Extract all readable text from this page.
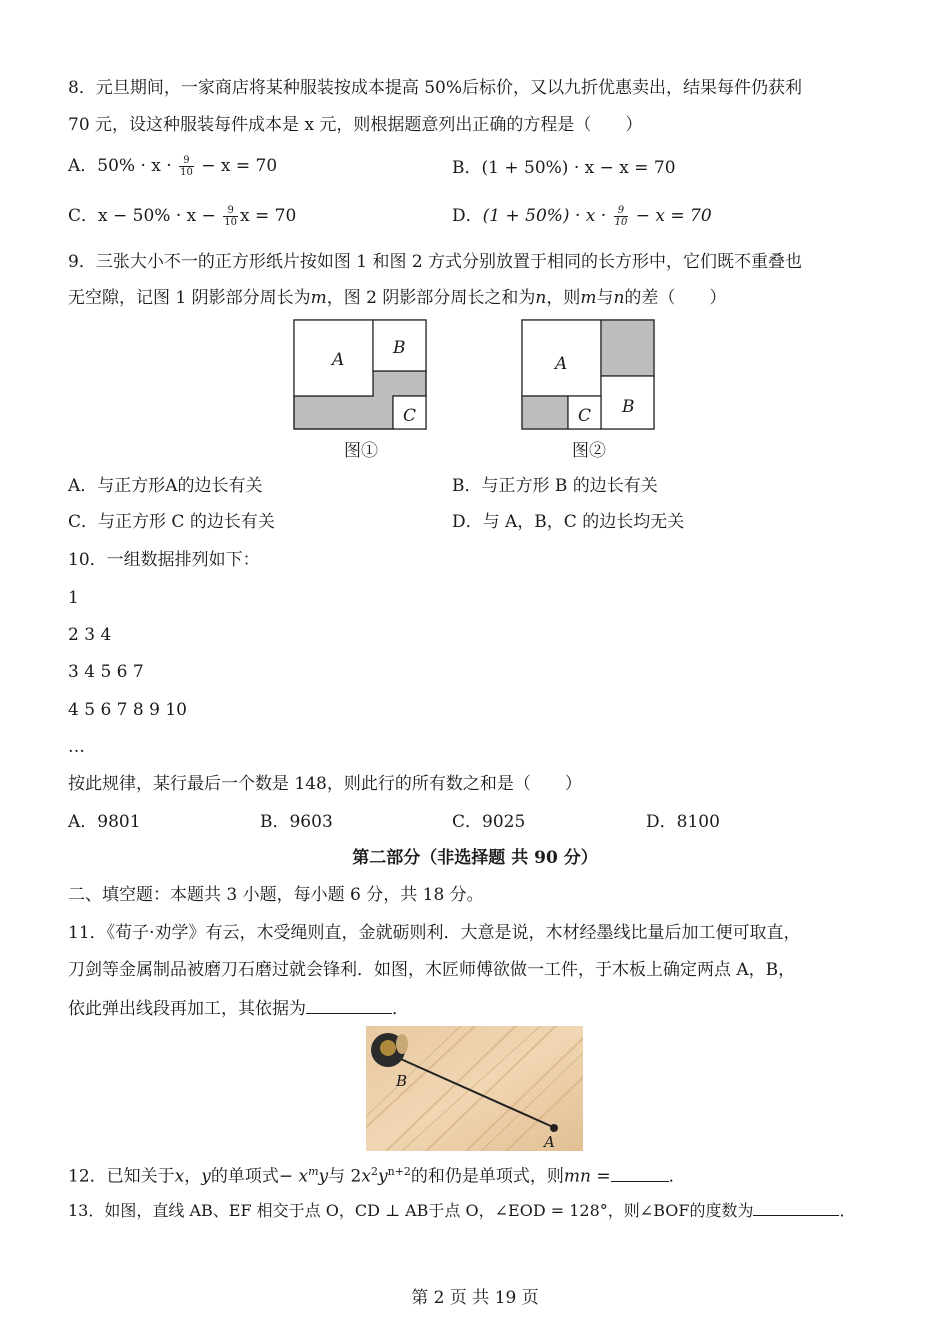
8．元旦期间，一家商店将某种服装按成本提高 50%后标价，又以九折优惠卖出，结果每件仍获利
70 元，设这种服装每件成本是 x 元，则根据题意列出正确的方程是（　　）
A．$50\% \cdot x \cdot \frac{9}{10} - x = 70$	B．(1 + 50%) · x − x = 70
C．$x - 50\% \cdot x - \frac{9}{10}$ x = 70	D．$(1 + 50\%) \cdot x \cdot \frac{9}{10} - x = 70$
9．三张大小不一的正方形纸片按如图 1 和图 2 方式分别放置于相同的长方形中，它们既不重叠也
无空隙，记图 1 阴影部分周长为m，图 2 阴影部分周长之和为n，则m与n的差（　　）
A
B
C
图①
A
B
C
图②
A．与正方形A的边长有关	B．与正方形 B 的边长有关
C．与正方形 C 的边长有关	D．与 A，B，C 的边长均无关
10．一组数据排列如下：
1
2 3 4
3 4 5 6 7
4 5 6 7 8 9 10
…
按此规律，某行最后一个数是 148，则此行的所有数之和是（　　）
A．9801	B．9603	C．9025	D．8100
第二部分（非选择题 共 90 分）
二、填空题：本题共 3 小题，每小题 6 分，共 18 分。
11．《荀子·劝学》有云，木受绳则直，金就砺则利．大意是说，木材经墨线比量后加工便可取直，
刀剑等金属制品被磨刀石磨过就会锋利．如图，木匠师傅欲做一工件，于木板上确定两点 A，B，
依此弹出线段再加工，其依据为	．
B
A
12．已知关于x，y的单项式− $x^my$与 $2x^2y^{n+2}$的和仍是单项式，则mn =	．
13．如图，直线 AB、EF 相交于点 O，CD ⊥ AB于点 O，∠EOD = 128°，则∠BOF的度数为	．
第 2 页 共 19 页
